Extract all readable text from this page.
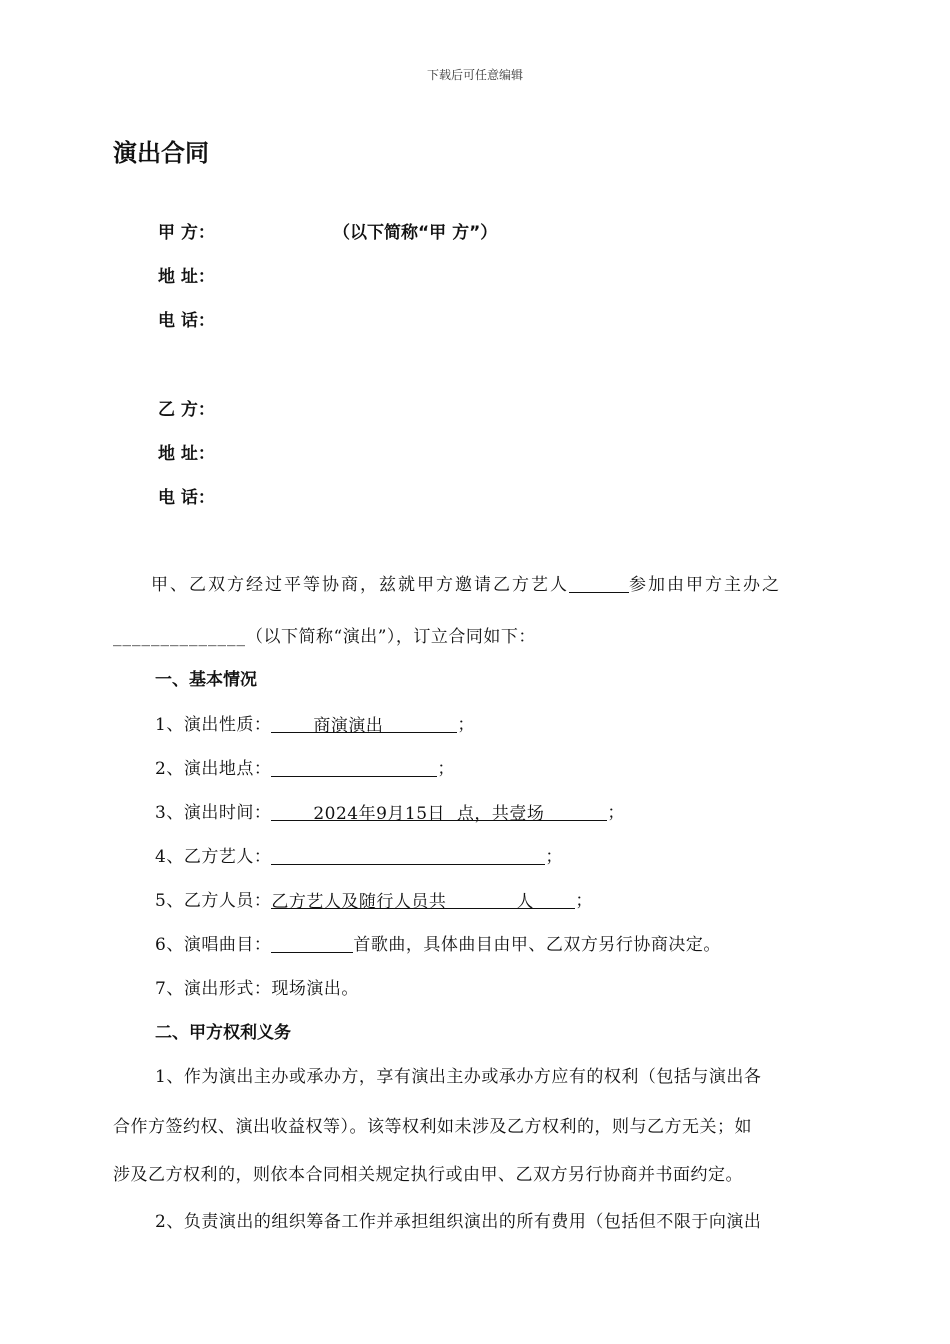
下载后可任意编辑
演出合同
甲 方：	（以下简称“甲 方”）
地 址：
电 话：
乙 方：
地 址：
电 话：
甲、乙双方经过平等协商，兹就甲方邀请乙方艺人	参加由甲方主办之
______________（以下简称“演出”），订立合同如下：
一、基本情况
1、演出性质： 商演演出	；
2、演出地点：	；
3、演出时间： 2024年9月15日  点，共壹场	；
4、乙方艺人：	；
5、乙方人员： 乙方艺人及随行人员共	人 ；
6、演唱曲目：	首歌曲，具体曲目由甲、乙双方另行协商决定。
7、演出形式：现场演出。
二、甲方权利义务
1、作为演出主办或承办方，享有演出主办或承办方应有的权利（包括与演出各
合作方签约权、演出收益权等）。该等权利如未涉及乙方权利的，则与乙方无关；如
涉及乙方权利的，则依本合同相关规定执行或由甲、乙双方另行协商并书面约定。
2、负责演出的组织筹备工作并承担组织演出的所有费用（包括但不限于向演出
